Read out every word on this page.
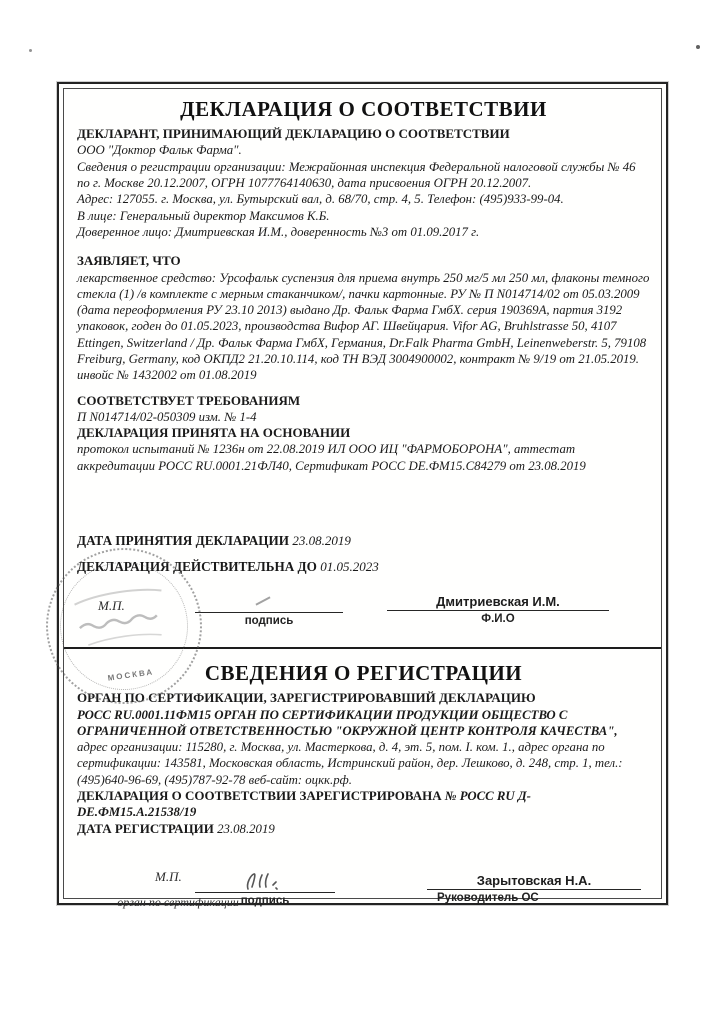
ДЕКЛАРАЦИЯ О СООТВЕТСТВИИ

ДЕКЛАРАНТ, ПРИНИМАЮЩИЙ ДЕКЛАРАЦИЮ О СООТВЕТСТВИИ

ООО "Доктор Фальк Фарма".

Сведения о регистрации организации: Межрайонная инспекция Федеральной налоговой службы № 46 по г. Москве 20.12.2007, ОГРН 1077764140630, дата присвоения ОГРН 20.12.2007.

Адрес: 127055. г. Москва, ул. Бутырский вал, д. 68/70, стр. 4, 5. Телефон: (495)933-99-04.

В лице: Генеральный директор Максимов К.Б.

Доверенное лицо: Дмитриевская И.М., доверенность №3 от 01.09.2017 г.

ЗАЯВЛЯЕТ, ЧТО

лекарственное средство: Урсофальк суспензия для приема внутрь 250 мг/5 мл 250 мл, флаконы темного стекла (1) /в комплекте с мерным стаканчиком/, пачки картонные. РУ № П N014714/02 от 05.03.2009 (дата переоформления РУ 23.10 2013) выдано Др. Фальк Фарма ГмбХ. серия 190369А, партия 3192 упаковок, годен до 01.05.2023, производства Вифор АГ. Швейцария. Vifor AG, Bruhlstrasse 50, 4107 Ettingen, Switzerland / Др. Фальк Фарма ГмбХ, Германия, Dr.Falk Pharma GmbH, Leinenweberstr. 5, 79108 Freiburg, Germany, код ОКПД2 21.20.10.114, код ТН ВЭД 3004900002, контракт № 9/19 от 21.05.2019. инвойс № 1432002 от 01.08.2019

СООТВЕТСТВУЕТ ТРЕБОВАНИЯМ

П N014714/02-050309 изм. № 1-4

ДЕКЛАРАЦИЯ ПРИНЯТА НА ОСНОВАНИИ

протокол испытаний № 1236н от 22.08.2019 ИЛ ООО ИЦ "ФАРМОБОРОНА", аттестат аккредитации РОСС RU.0001.21ФЛ40, Сертификат РОСС DE.ФМ15.С84279 от 23.08.2019

ДАТА ПРИНЯТИЯ ДЕКЛАРАЦИИ 23.08.2019

ДЕКЛАРАЦИЯ ДЕЙСТВИТЕЛЬНА ДО 01.05.2023

М.П.
подпись
Дмитриевская И.М.
Ф.И.О
СВЕДЕНИЯ О РЕГИСТРАЦИИ

ОРГАН ПО СЕРТИФИКАЦИИ, ЗАРЕГИСТРИРОВАВШИЙ ДЕКЛАРАЦИЮ

РОСС RU.0001.11ФМ15 ОРГАН ПО СЕРТИФИКАЦИИ ПРОДУКЦИИ ОБЩЕСТВО С ОГРАНИЧЕННОЙ ОТВЕТСТВЕННОСТЬЮ "ОКРУЖНОЙ ЦЕНТР КОНТРОЛЯ КАЧЕСТВА",

адрес организации: 115280, г. Москва, ул. Мастеркова, д. 4, эт. 5, пом. I. ком. 1., адрес органа по сертификации: 143581, Московская область, Истринский район, дер. Лешково, д. 248, стр. 1, тел.: (495)640-96-69, (495)787-92-78 веб-сайт: оцкк.рф.

ДЕКЛАРАЦИЯ О СООТВЕТСТВИИ ЗАРЕГИСТРИРОВАНА № РОСС RU Д-DE.ФМ15.А.21538/19

ДАТА РЕГИСТРАЦИИ 23.08.2019

М.П.
орган по сертификации подпись
Зарытовская Н.А.
Руководитель ОС
МОСКВА
